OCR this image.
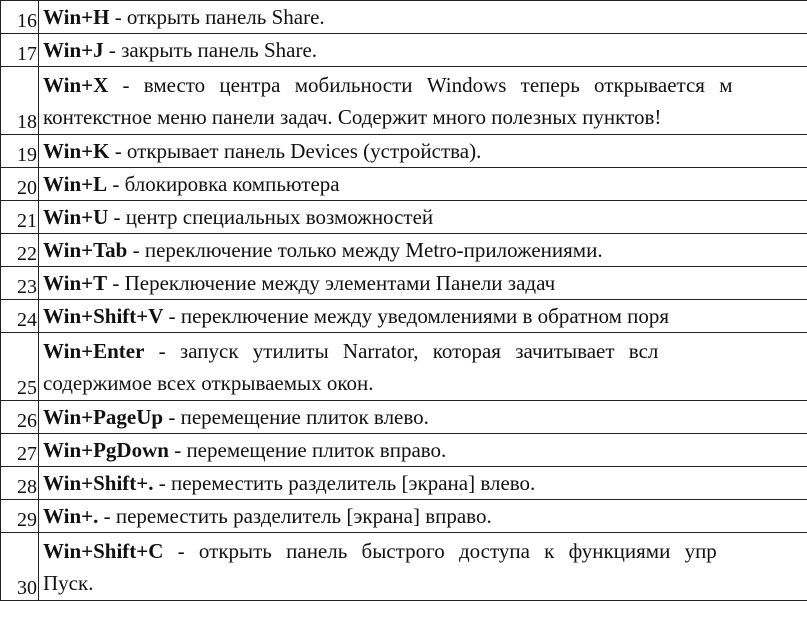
16	Win+H - открыть панель Share.

17	Win+J - закрыть панель Share.

18	Win+X - вместо центра мобильности Windows теперь открывается м
контекстное меню панели задач. Содержит много полезных пунктов!

19	Win+K - открывает панель Devices (устройства).

20	Win+L - блокировка компьютера

21	Win+U - центр специальных возможностей

22	Win+Tab - переключение только между Metro-приложениями.

23	Win+T - Переключение между элементами Панели задач

24	Win+Shift+V - переключение между уведомлениями в обратном поря

25	Win+Enter - запуск утилиты Narrator, которая зачитывает всл
содержимое всех открываемых окон.

26	Win+PageUp - перемещение плиток влево.

27	Win+PgDown - перемещение плиток вправо.

28	Win+Shift+. - переместить разделитель [экрана] влево.

29	Win+. - переместить разделитель [экрана] вправо.

30	Win+Shift+C - открыть панель быстрого доступа к функциями упр
Пуск.
